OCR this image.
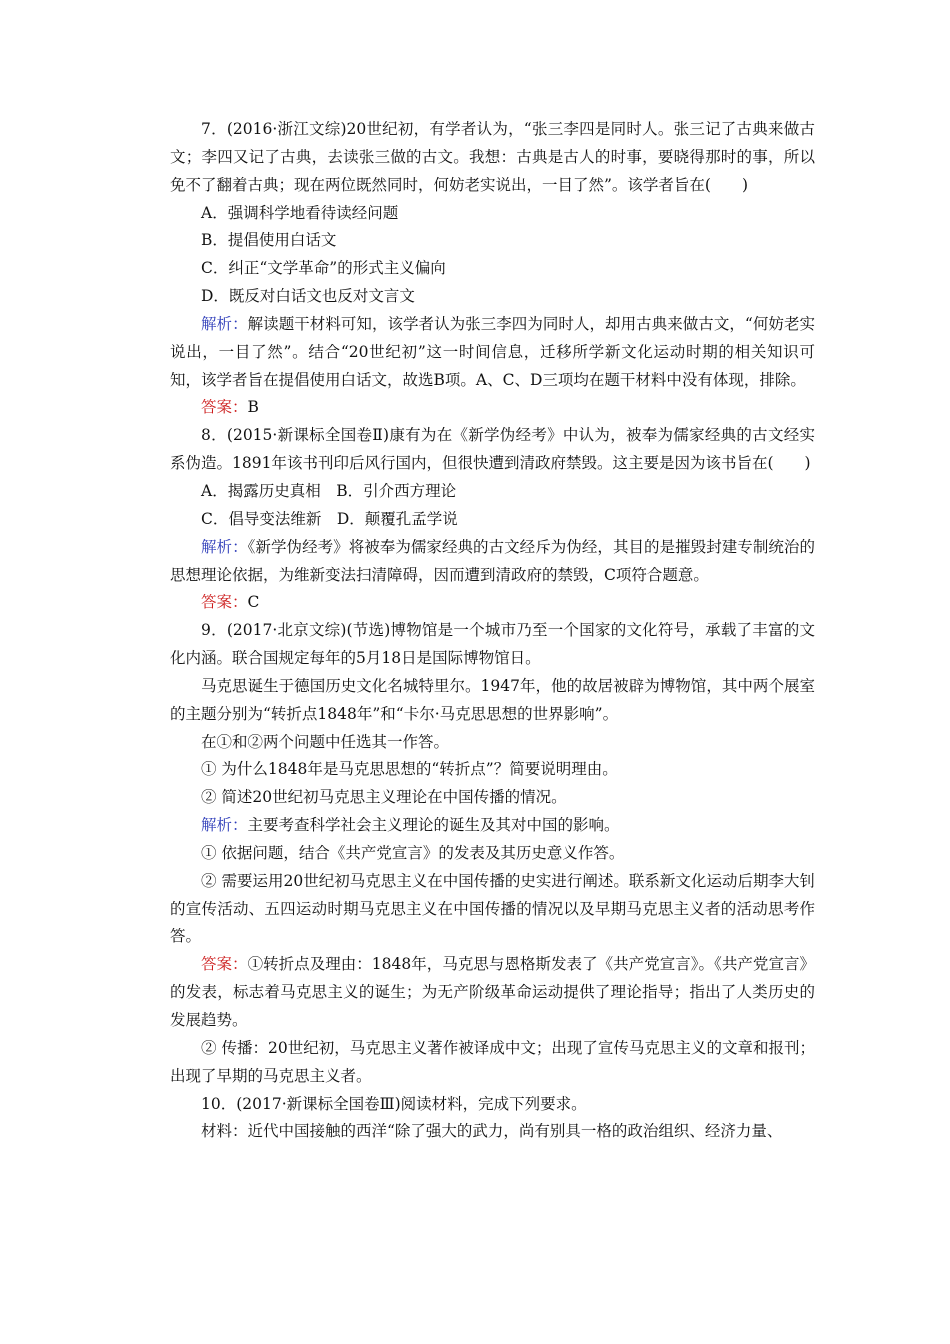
7．(2016·浙江文综)20世纪初，有学者认为，“张三李四是同时人。张三记了古典来做古文；李四又记了古典，去读张三做的古文。我想：古典是古人的时事，要晓得那时的事，所以免不了翻着古典；现在两位既然同时，何妨老实说出，一目了然”。该学者旨在(　　)

A．强调科学地看待读经问题

B．提倡使用白话文

C．纠正“文学革命”的形式主义偏向

D．既反对白话文也反对文言文

解析：解读题干材料可知，该学者认为张三李四为同时人，却用古典来做古文，“何妨老实说出，一目了然”。结合“20世纪初”这一时间信息，迁移所学新文化运动时期的相关知识可知，该学者旨在提倡使用白话文，故选B项。A、C、D三项均在题干材料中没有体现，排除。

答案：B

8．(2015·新课标全国卷Ⅱ)康有为在《新学伪经考》中认为，被奉为儒家经典的古文经实系伪造。1891年该书刊印后风行国内，但很快遭到清政府禁毁。这主要是因为该书旨在(　　)

A．揭露历史真相　B．引介西方理论

C．倡导变法维新　D．颠覆孔孟学说

解析：《新学伪经考》将被奉为儒家经典的古文经斥为伪经，其目的是摧毁封建专制统治的思想理论依据，为维新变法扫清障碍，因而遭到清政府的禁毁，C项符合题意。

答案：C

9．(2017·北京文综)(节选)博物馆是一个城市乃至一个国家的文化符号，承载了丰富的文化内涵。联合国规定每年的5月18日是国际博物馆日。

马克思诞生于德国历史文化名城特里尔。1947年，他的故居被辟为博物馆，其中两个展室的主题分别为“转折点1848年”和“卡尔·马克思思想的世界影响”。

在①和②两个问题中任选其一作答。

① 为什么1848年是马克思思想的“转折点”？简要说明理由。

② 简述20世纪初马克思主义理论在中国传播的情况。

解析：主要考查科学社会主义理论的诞生及其对中国的影响。

① 依据问题，结合《共产党宣言》的发表及其历史意义作答。

② 需要运用20世纪初马克思主义在中国传播的史实进行阐述。联系新文化运动后期李大钊的宣传活动、五四运动时期马克思主义在中国传播的情况以及早期马克思主义者的活动思考作答。

答案：①转折点及理由：1848年，马克思与恩格斯发表了《共产党宣言》。《共产党宣言》的发表，标志着马克思主义的诞生；为无产阶级革命运动提供了理论指导；指出了人类历史的发展趋势。

② 传播：20世纪初，马克思主义著作被译成中文；出现了宣传马克思主义的文章和报刊；出现了早期的马克思主义者。

10．(2017·新课标全国卷Ⅲ)阅读材料，完成下列要求。

材料：近代中国接触的西洋“除了强大的武力，尚有别具一格的政治组织、经济力量、
